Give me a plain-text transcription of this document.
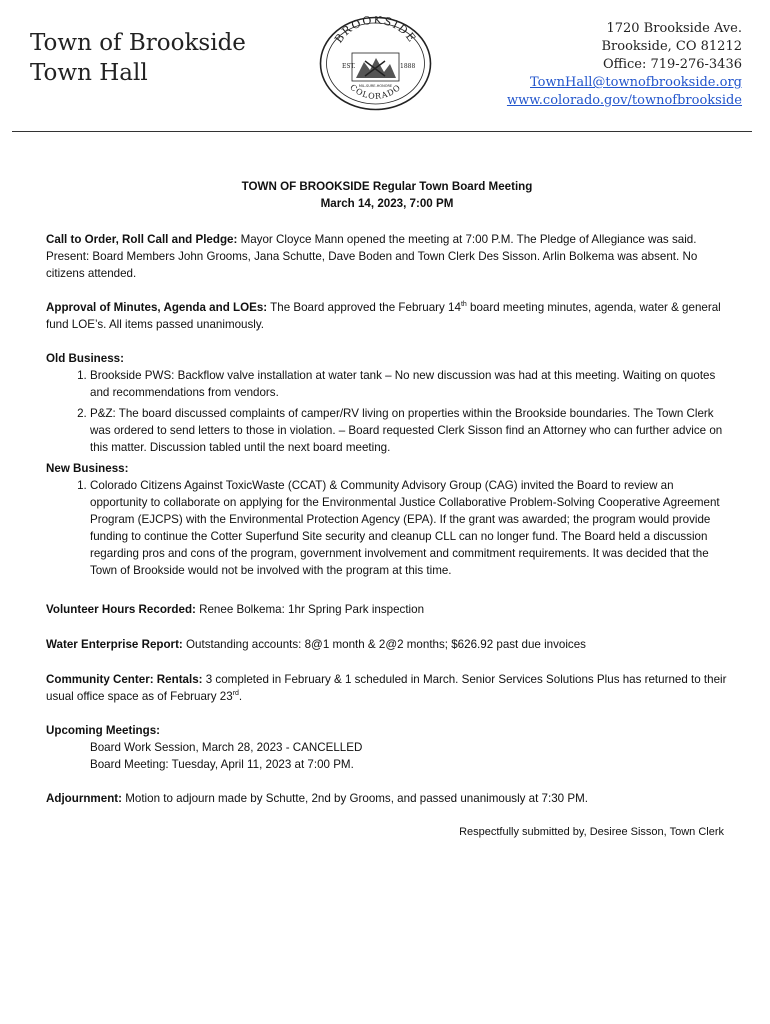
Town of Brookside
Town Hall
BROOKSIDE
COLORADO
EST.	1888
MIL-SURE-HONORE
1720 Brookside Ave.
Brookside, CO 81212
Office: 719-276-3436
TownHall@townofbrookside.org
www.colorado.gov/townofbrookside
TOWN OF BROOKSIDE Regular Town Board Meeting
March 14, 2023, 7:00 PM

Call to Order, Roll Call and Pledge: Mayor Cloyce Mann opened the meeting at 7:00 P.M. The Pledge of Allegiance was said. Present: Board Members John Grooms, Jana Schutte, Dave Boden and Town Clerk Des Sisson. Arlin Bolkema was absent. No citizens attended.

Approval of Minutes, Agenda and LOEs: The Board approved the February 14th board meeting minutes, agenda, water & general fund LOE’s. All items passed unanimously.

Old Business:

1. Brookside PWS: Backflow valve installation at water tank – No new discussion was had at this meeting. Waiting on quotes and recommendations from vendors.
2. P&Z: The board discussed complaints of camper/RV living on properties within the Brookside boundaries. The Town Clerk was ordered to send letters to those in violation. – Board requested Clerk Sisson find an Attorney who can further advice on this matter. Discussion tabled until the next board meeting.

New Business:

1. Colorado Citizens Against ToxicWaste (CCAT) & Community Advisory Group (CAG) invited the Board to review an opportunity to collaborate on applying for the Environmental Justice Collaborative Problem-Solving Cooperative Agreement Program (EJCPS) with the Environmental Protection Agency (EPA). If the grant was awarded; the program would provide funding to continue the Cotter Superfund Site security and cleanup CLL can no longer fund. The Board held a discussion regarding pros and cons of the program, government involvement and commitment requirements. It was decided that the Town of Brookside would not be involved with the program at this time.

Volunteer Hours Recorded: Renee Bolkema: 1hr Spring Park inspection

Water Enterprise Report: Outstanding accounts: 8@1 month & 2@2 months; $626.92 past due invoices

Community Center: Rentals: 3 completed in February & 1 scheduled in March. Senior Services Solutions Plus has returned to their usual office space as of February 23rd.

Upcoming Meetings:

Board Work Session, March 28, 2023 - CANCELLED
Board Meeting: Tuesday, April 11, 2023 at 7:00 PM.

Adjournment: Motion to adjourn made by Schutte, 2nd by Grooms, and passed unanimously at 7:30 PM.

Respectfully submitted by, Desiree Sisson, Town Clerk
